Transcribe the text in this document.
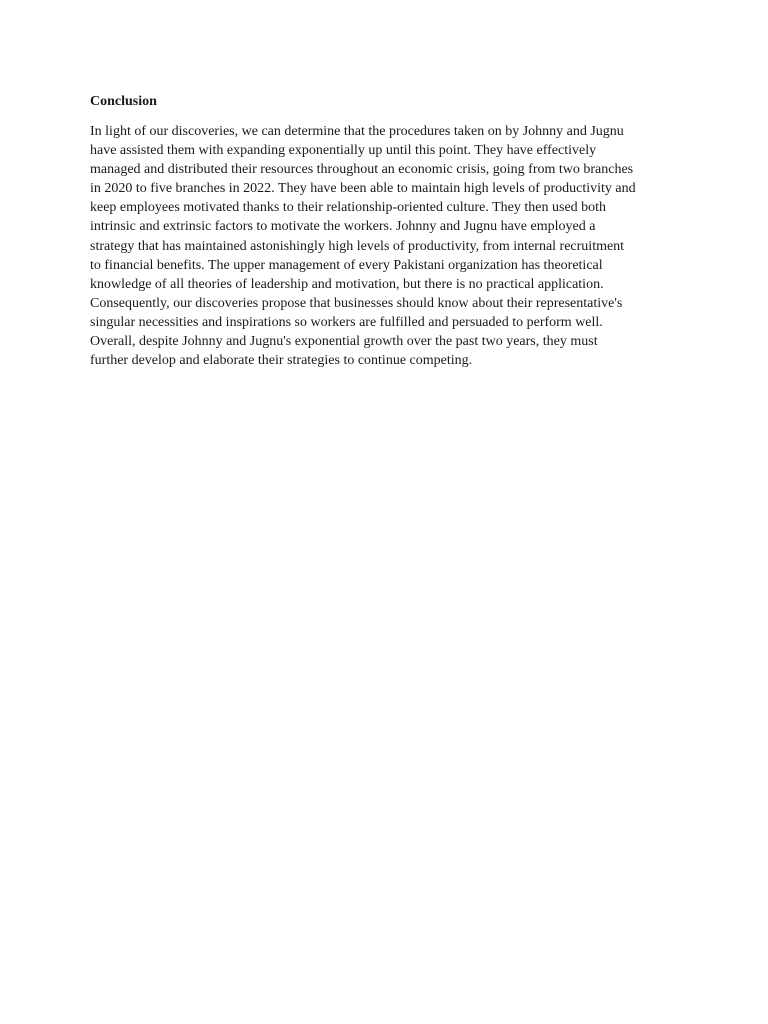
Conclusion

In light of our discoveries, we can determine that the procedures taken on by Johnny and Jugnu
have assisted them with expanding exponentially up until this point. They have effectively
managed and distributed their resources throughout an economic crisis, going from two branches
in 2020 to five branches in 2022. They have been able to maintain high levels of productivity and
keep employees motivated thanks to their relationship-oriented culture. They then used both
intrinsic and extrinsic factors to motivate the workers. Johnny and Jugnu have employed a
strategy that has maintained astonishingly high levels of productivity, from internal recruitment
to financial benefits. The upper management of every Pakistani organization has theoretical
knowledge of all theories of leadership and motivation, but there is no practical application.
Consequently, our discoveries propose that businesses should know about their representative's
singular necessities and inspirations so workers are fulfilled and persuaded to perform well.
Overall, despite Johnny and Jugnu's exponential growth over the past two years, they must
further develop and elaborate their strategies to continue competing.
